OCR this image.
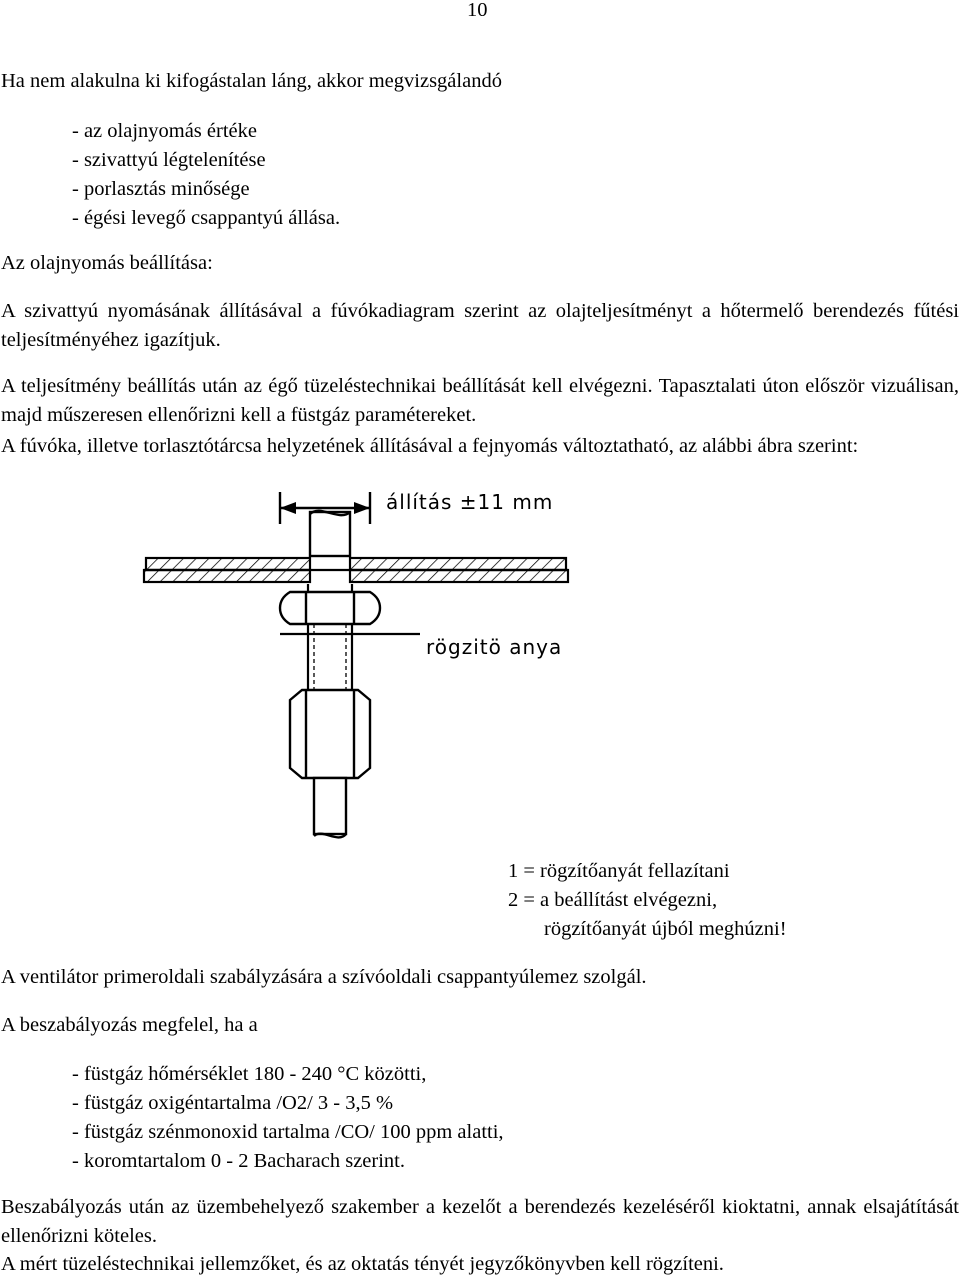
10

Ha nem alakulna ki kifogástalan láng, akkor megvizsgálandó

- az olajnyomás értéke
- szivattyú légtelenítése
- porlasztás minősége
- égési levegő csappantyú állása.

Az olajnyomás beállítása:

A szivattyú nyomásának állításával a fúvókadiagram szerint az olajteljesítményt a hőtermelő berendezés fűtési teljesítményéhez igazítjuk.

A teljesítmény beállítás után az égő tüzeléstechnikai beállítását kell elvégezni. Tapasztalati úton először vizuálisan, majd műszeresen ellenőrizni kell a füstgáz paramétereket.

A fúvóka, illetve torlasztótárcsa helyzetének állításával a fejnyomás változtatható, az alábbi ábra szerint:

állítás ±11 mm
rögzitö anya
1 = rögzítőanyát fellazítani
2 = a beállítást elvégezni,
rögzítőanyát újból meghúzni!

A ventilátor primeroldali szabályzására a szívóoldali csappantyúlemez szolgál.

A beszabályozás megfelel, ha a

- füstgáz hőmérséklet 180 - 240 °C közötti,
- füstgáz oxigéntartalma /O2/ 3 - 3,5 %
- füstgáz szénmonoxid tartalma /CO/ 100 ppm alatti,
- koromtartalom 0 - 2 Bacharach szerint.

Beszabályozás után az üzembehelyező szakember a kezelőt a berendezés kezeléséről kioktatni, annak elsajátítását ellenőrizni köteles.

A mért tüzeléstechnikai jellemzőket, és az oktatás tényét jegyzőkönyvben kell rögzíteni.
